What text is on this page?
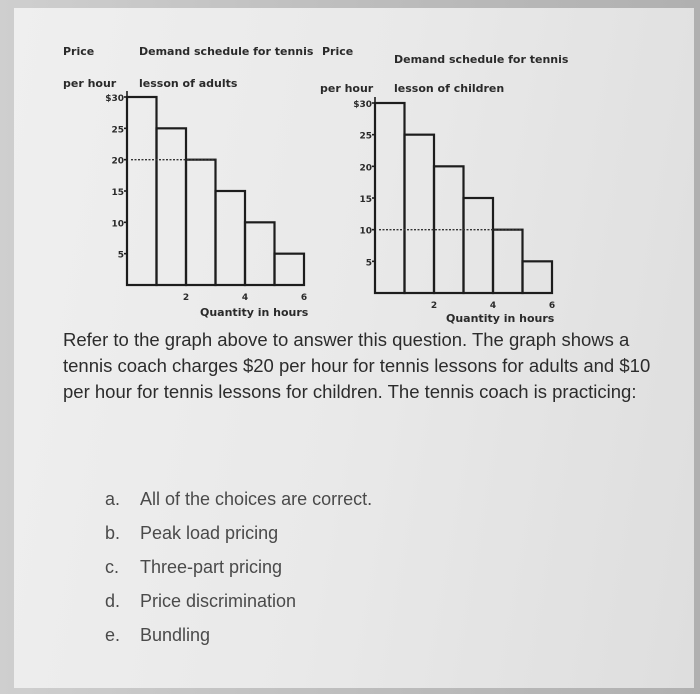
Price	Demand schedule for tennis
per hour lesson of adults
$30
25
20
15
10
5
2	4	6
Quantity in hours
Price
Demand schedule for tennis
per hour lesson of children
$30
25
20
15
10
5
2	4	6
Quantity in hours
Refer to the graph above to answer this question. The graph shows a tennis coach charges $20 per hour for tennis lessons for adults and $10 per hour for tennis lessons for children. The tennis coach is practicing:
a.	All of the choices are correct.
b.	Peak load pricing
c.	Three-part pricing
d.	Price discrimination
e.	Bundling
